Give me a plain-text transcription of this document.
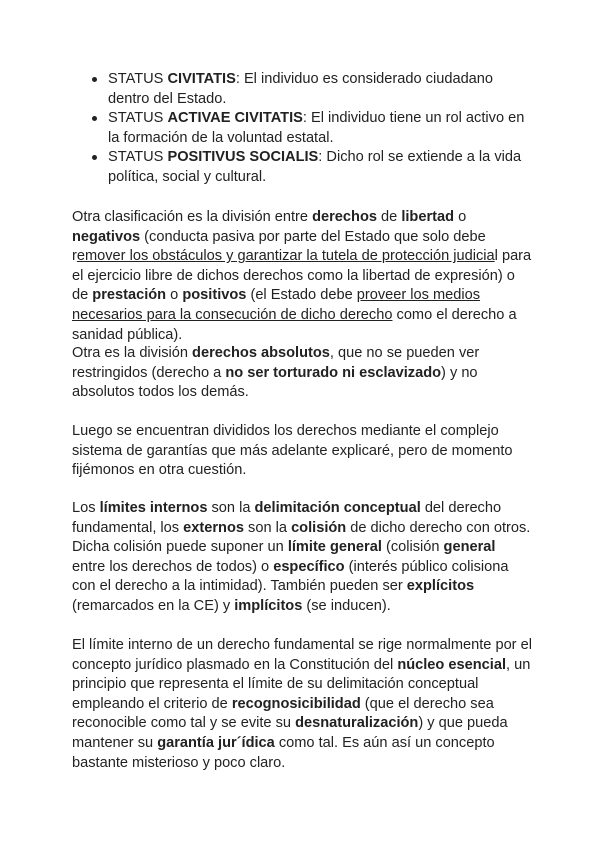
STATUS CIVITATIS: El individuo es considerado ciudadano dentro del Estado.
STATUS ACTIVAE CIVITATIS: El individuo tiene un rol activo en la formación de la voluntad estatal.
STATUS POSITIVUS SOCIALIS: Dicho rol se extiende a la vida política, social y cultural.

Otra clasificación es la división entre derechos de libertad o negativos (conducta pasiva por parte del Estado que solo debe remover los obstáculos y garantizar la tutela de protección judicial para el ejercicio libre de dichos derechos como la libertad de expresión) o de prestación o positivos (el Estado debe proveer los medios necesarios para la consecución de dicho derecho como el derecho a sanidad pública).

Otra es la división derechos absolutos, que no se pueden ver restringidos (derecho a no ser torturado ni esclavizado) y no absolutos todos los demás.

Luego se encuentran divididos los derechos mediante el complejo sistema de garantías que más adelante explicaré, pero de momento fijémonos en otra cuestión.

Los límites internos son la delimitación conceptual del derecho fundamental, los externos son la colisión de dicho derecho con otros. Dicha colisión puede suponer un límite general (colisión general entre los derechos de todos) o específico (interés público colisiona con el derecho a la intimidad). También pueden ser explícitos (remarcados en la CE) y implícitos (se inducen).

El límite interno de un derecho fundamental se rige normalmente por el concepto jurídico plasmado en la Constitución del núcleo esencial, un principio que representa el límite de su delimitación conceptual empleando el criterio de recognosicibilidad (que el derecho sea reconocible como tal y se evite su desnaturalización) y que pueda mantener su garantía jur´ídica como tal. Es aún así un concepto bastante misterioso y poco claro.
